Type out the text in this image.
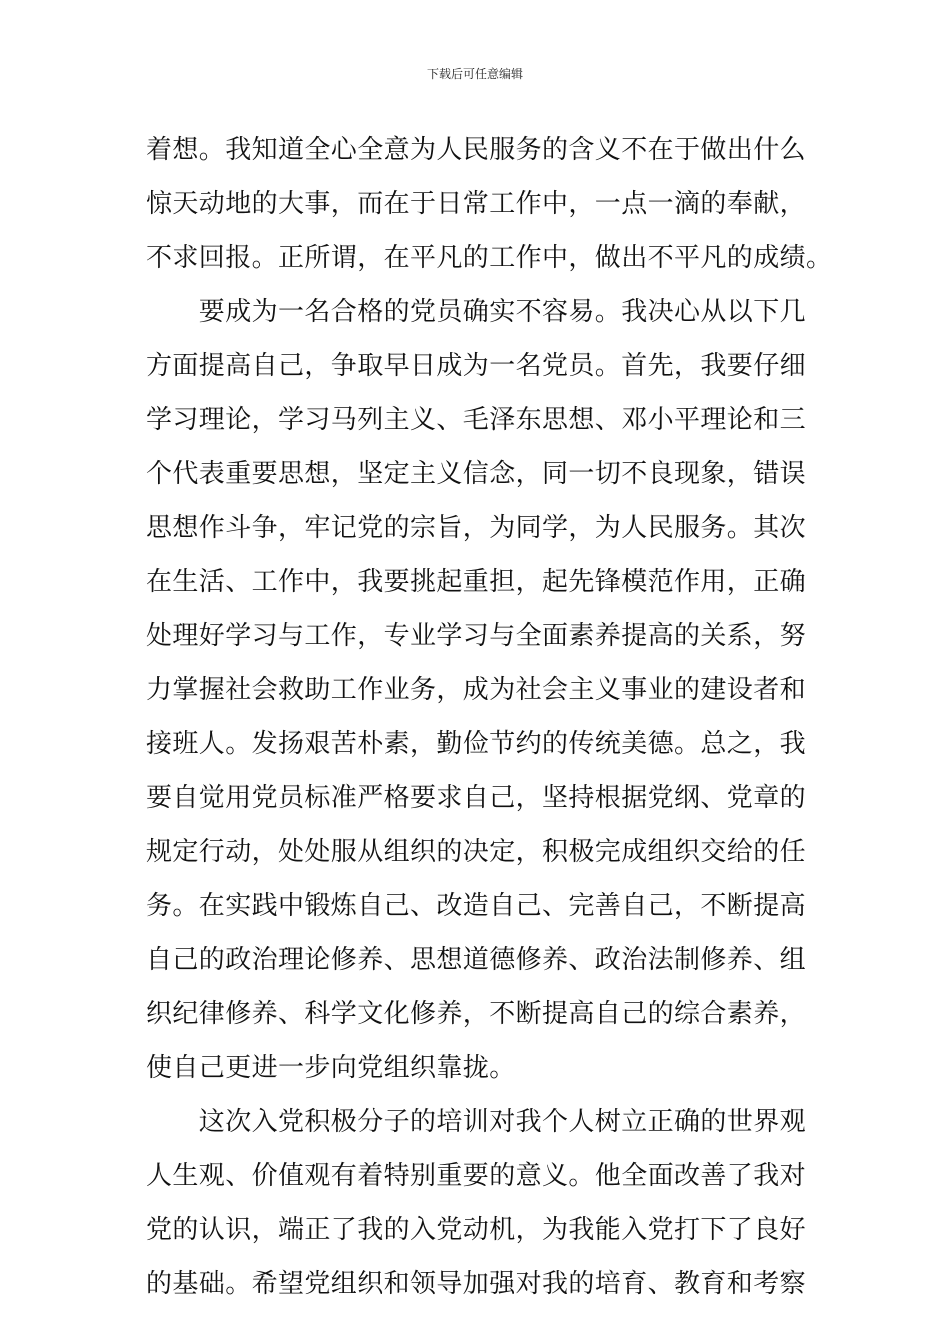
下载后可任意编辑
着想。我知道全心全意为人民服务的含义不在于做出什么
惊天动地的大事，而在于日常工作中，一点一滴的奉献，
不求回报。正所谓，在平凡的工作中，做出不平凡的成绩。
　　要成为一名合格的党员确实不容易。我决心从以下几
方面提高自己，争取早日成为一名党员。首先，我要仔细
学习理论，学习马列主义、毛泽东思想、邓小平理论和三
个代表重要思想，坚定主义信念，同一切不良现象，错误
思想作斗争，牢记党的宗旨，为同学，为人民服务。其次
在生活、工作中，我要挑起重担，起先锋模范作用，正确
处理好学习与工作，专业学习与全面素养提高的关系，努
力掌握社会救助工作业务，成为社会主义事业的建设者和
接班人。发扬艰苦朴素，勤俭节约的传统美德。总之，我
要自觉用党员标准严格要求自己，坚持根据党纲、党章的
规定行动，处处服从组织的决定，积极完成组织交给的任
务。在实践中锻炼自己、改造自己、完善自己，不断提高
自己的政治理论修养、思想道德修养、政治法制修养、组
织纪律修养、科学文化修养，不断提高自己的综合素养，
使自己更进一步向党组织靠拢。
　　这次入党积极分子的培训对我个人树立正确的世界观
人生观、价值观有着特别重要的意义。他全面改善了我对
党的认识，端正了我的入党动机，为我能入党打下了良好
的基础。希望党组织和领导加强对我的培育、教育和考察
